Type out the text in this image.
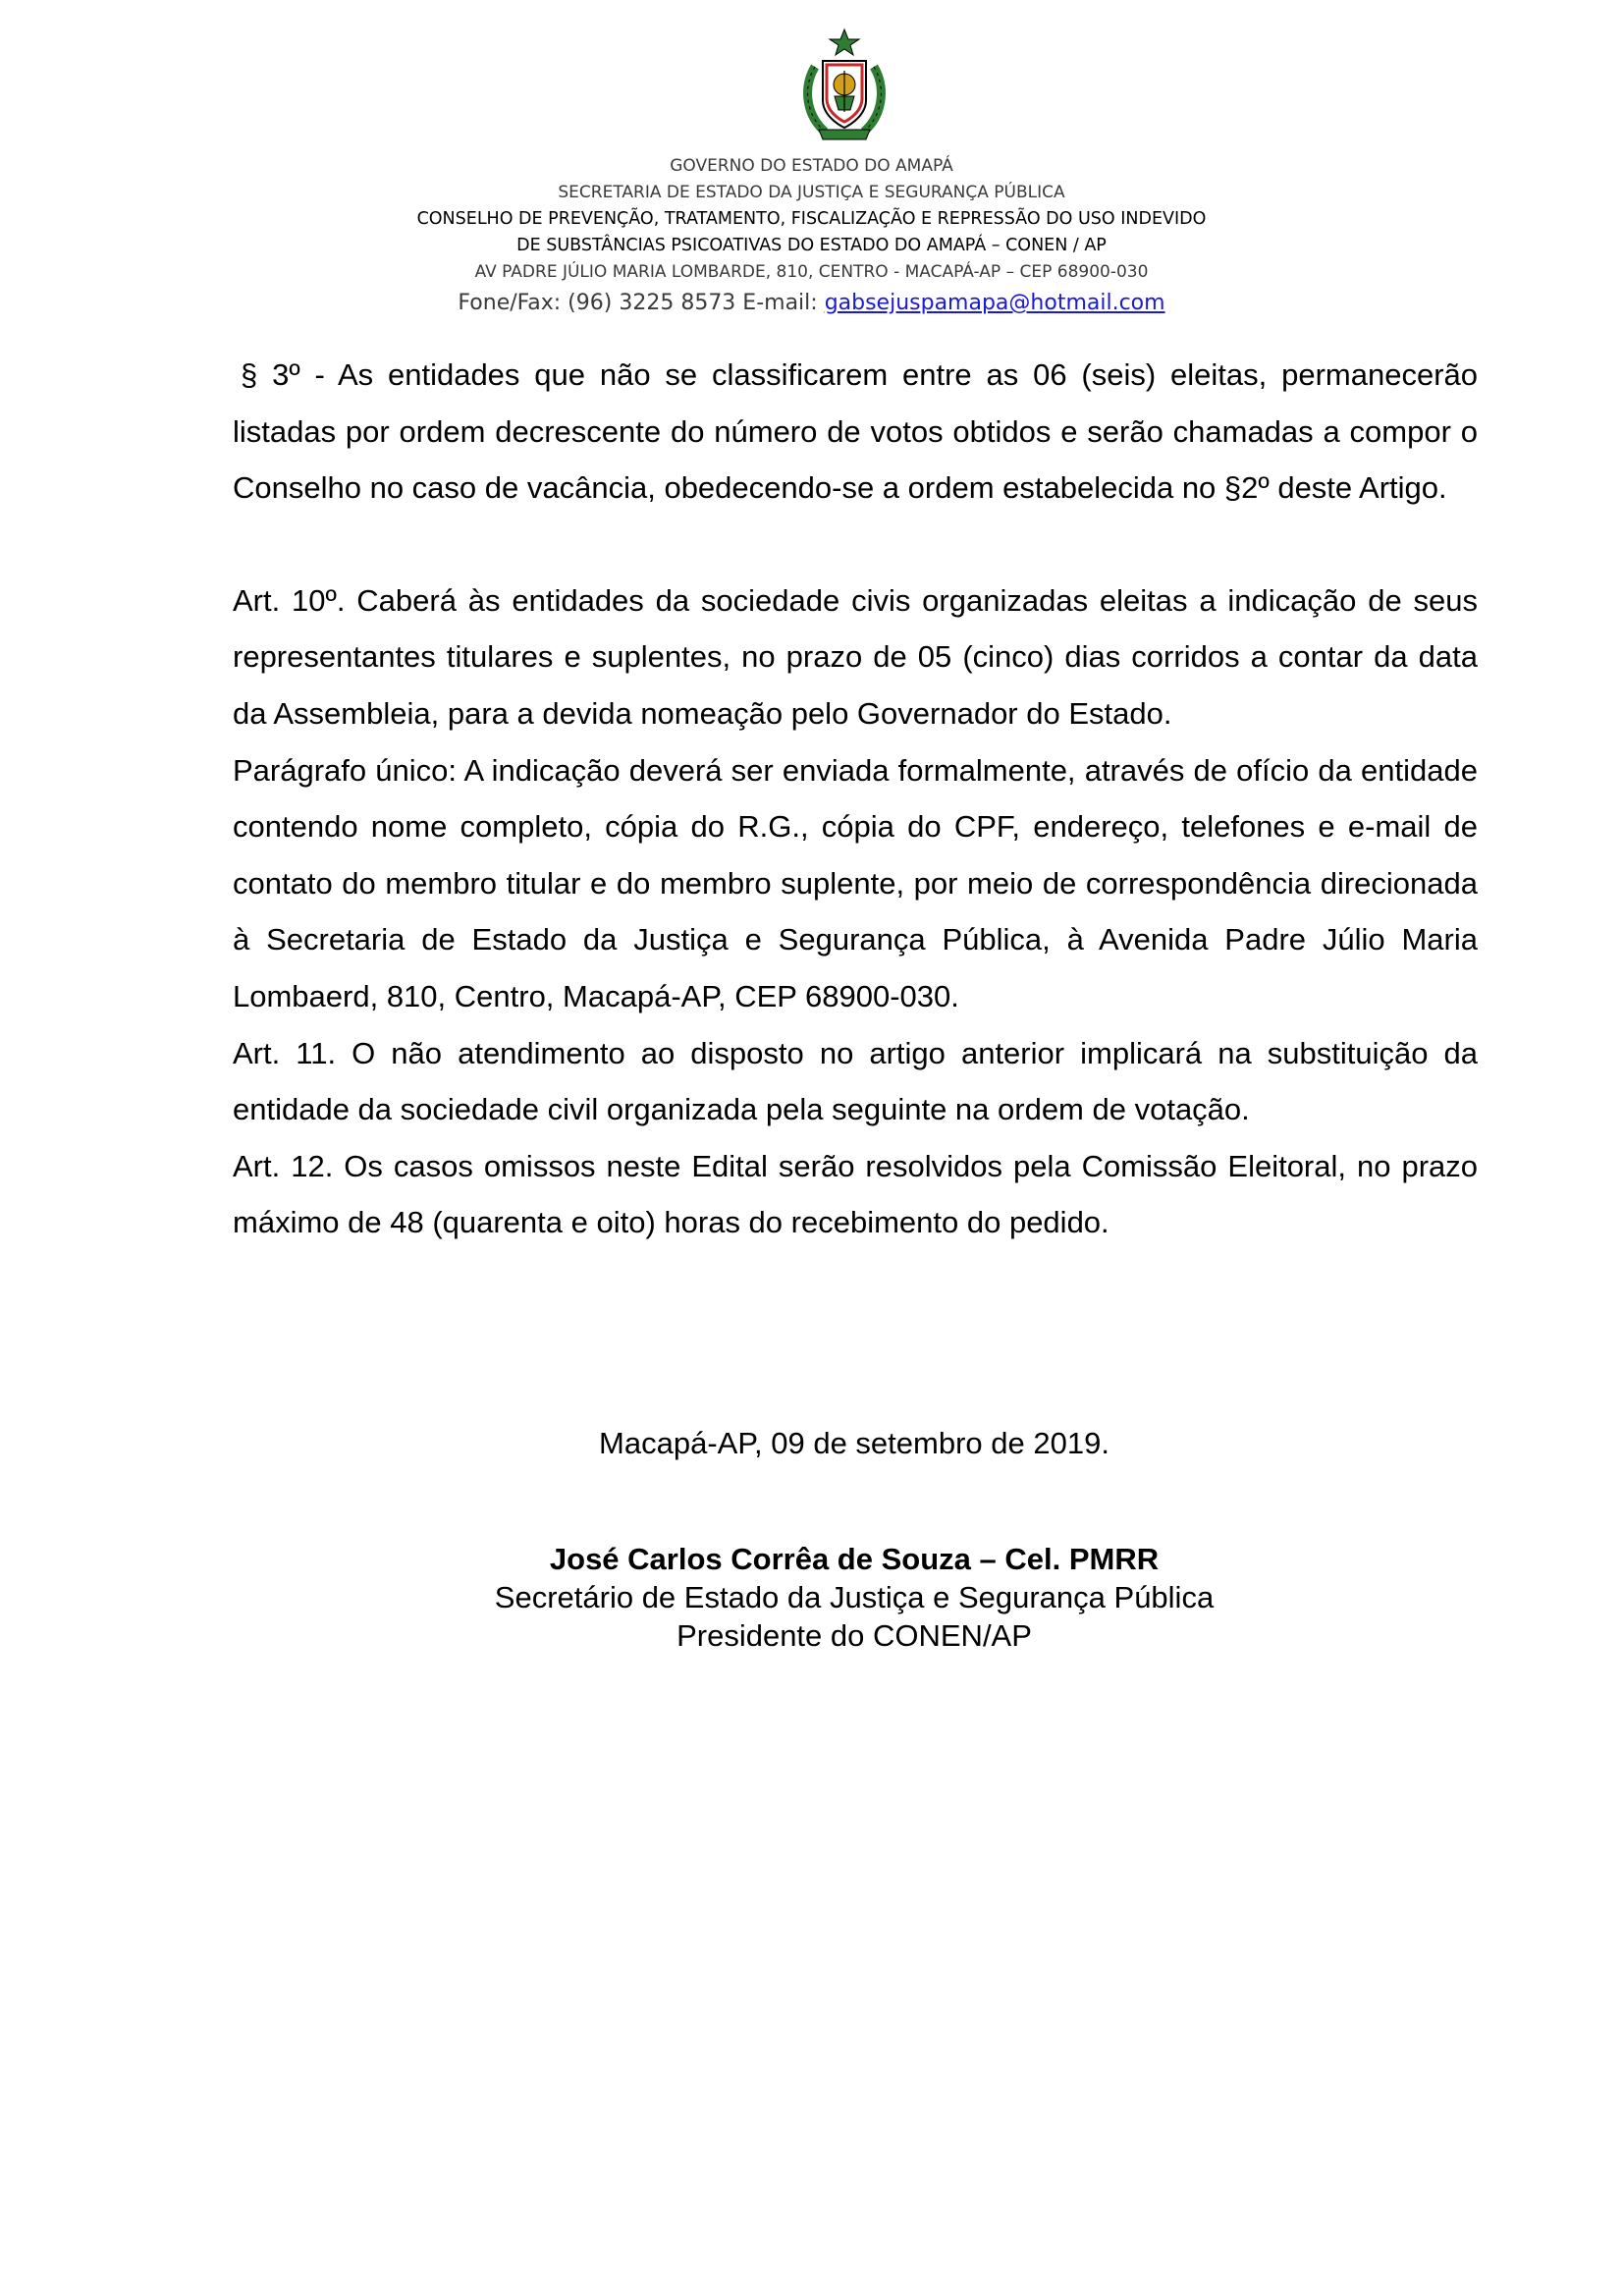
GOVERNO DO ESTADO DO AMAPÁ
SECRETARIA DE ESTADO DA JUSTIÇA E SEGURANÇA PÚBLICA
CONSELHO DE PREVENÇÃO, TRATAMENTO, FISCALIZAÇÃO E REPRESSÃO DO USO INDEVIDO
DE SUBSTÂNCIAS PSICOATIVAS DO ESTADO DO AMAPÁ – CONEN / AP
AV PADRE JÚLIO MARIA LOMBARDE, 810, CENTRO - MACAPÁ-AP – CEP 68900-030
Fone/Fax: (96) 3225 8573 E-mail: gabsejuspamapa@hotmail.com

§ 3º - As entidades que não se classificarem entre as 06 (seis) eleitas, permanecerão listadas por ordem decrescente do número de votos obtidos e serão chamadas a compor o Conselho no caso de vacância, obedecendo-se a ordem estabelecida no §2º deste Artigo.

Art. 10º. Caberá às entidades da sociedade civis organizadas eleitas a indicação de seus representantes titulares e suplentes, no prazo de 05 (cinco) dias corridos a contar da data da Assembleia, para a devida nomeação pelo Governador do Estado.

Parágrafo único: A indicação deverá ser enviada formalmente, através de ofício da entidade contendo nome completo, cópia do R.G., cópia do CPF, endereço, telefones e e-mail de contato do membro titular e do membro suplente, por meio de correspondência direcionada à Secretaria de Estado da Justiça e Segurança Pública, à Avenida Padre Júlio Maria Lombaerd, 810, Centro, Macapá-AP, CEP 68900-030.

Art. 11. O não atendimento ao disposto no artigo anterior implicará na substituição da entidade da sociedade civil organizada pela seguinte na ordem de votação.

Art. 12. Os casos omissos neste Edital serão resolvidos pela Comissão Eleitoral, no prazo máximo de 48 (quarenta e oito) horas do recebimento do pedido.

Macapá-AP, 09 de setembro de 2019.
José Carlos Corrêa de Souza – Cel. PMRR
Secretário de Estado da Justiça e Segurança Pública
Presidente do CONEN/AP
